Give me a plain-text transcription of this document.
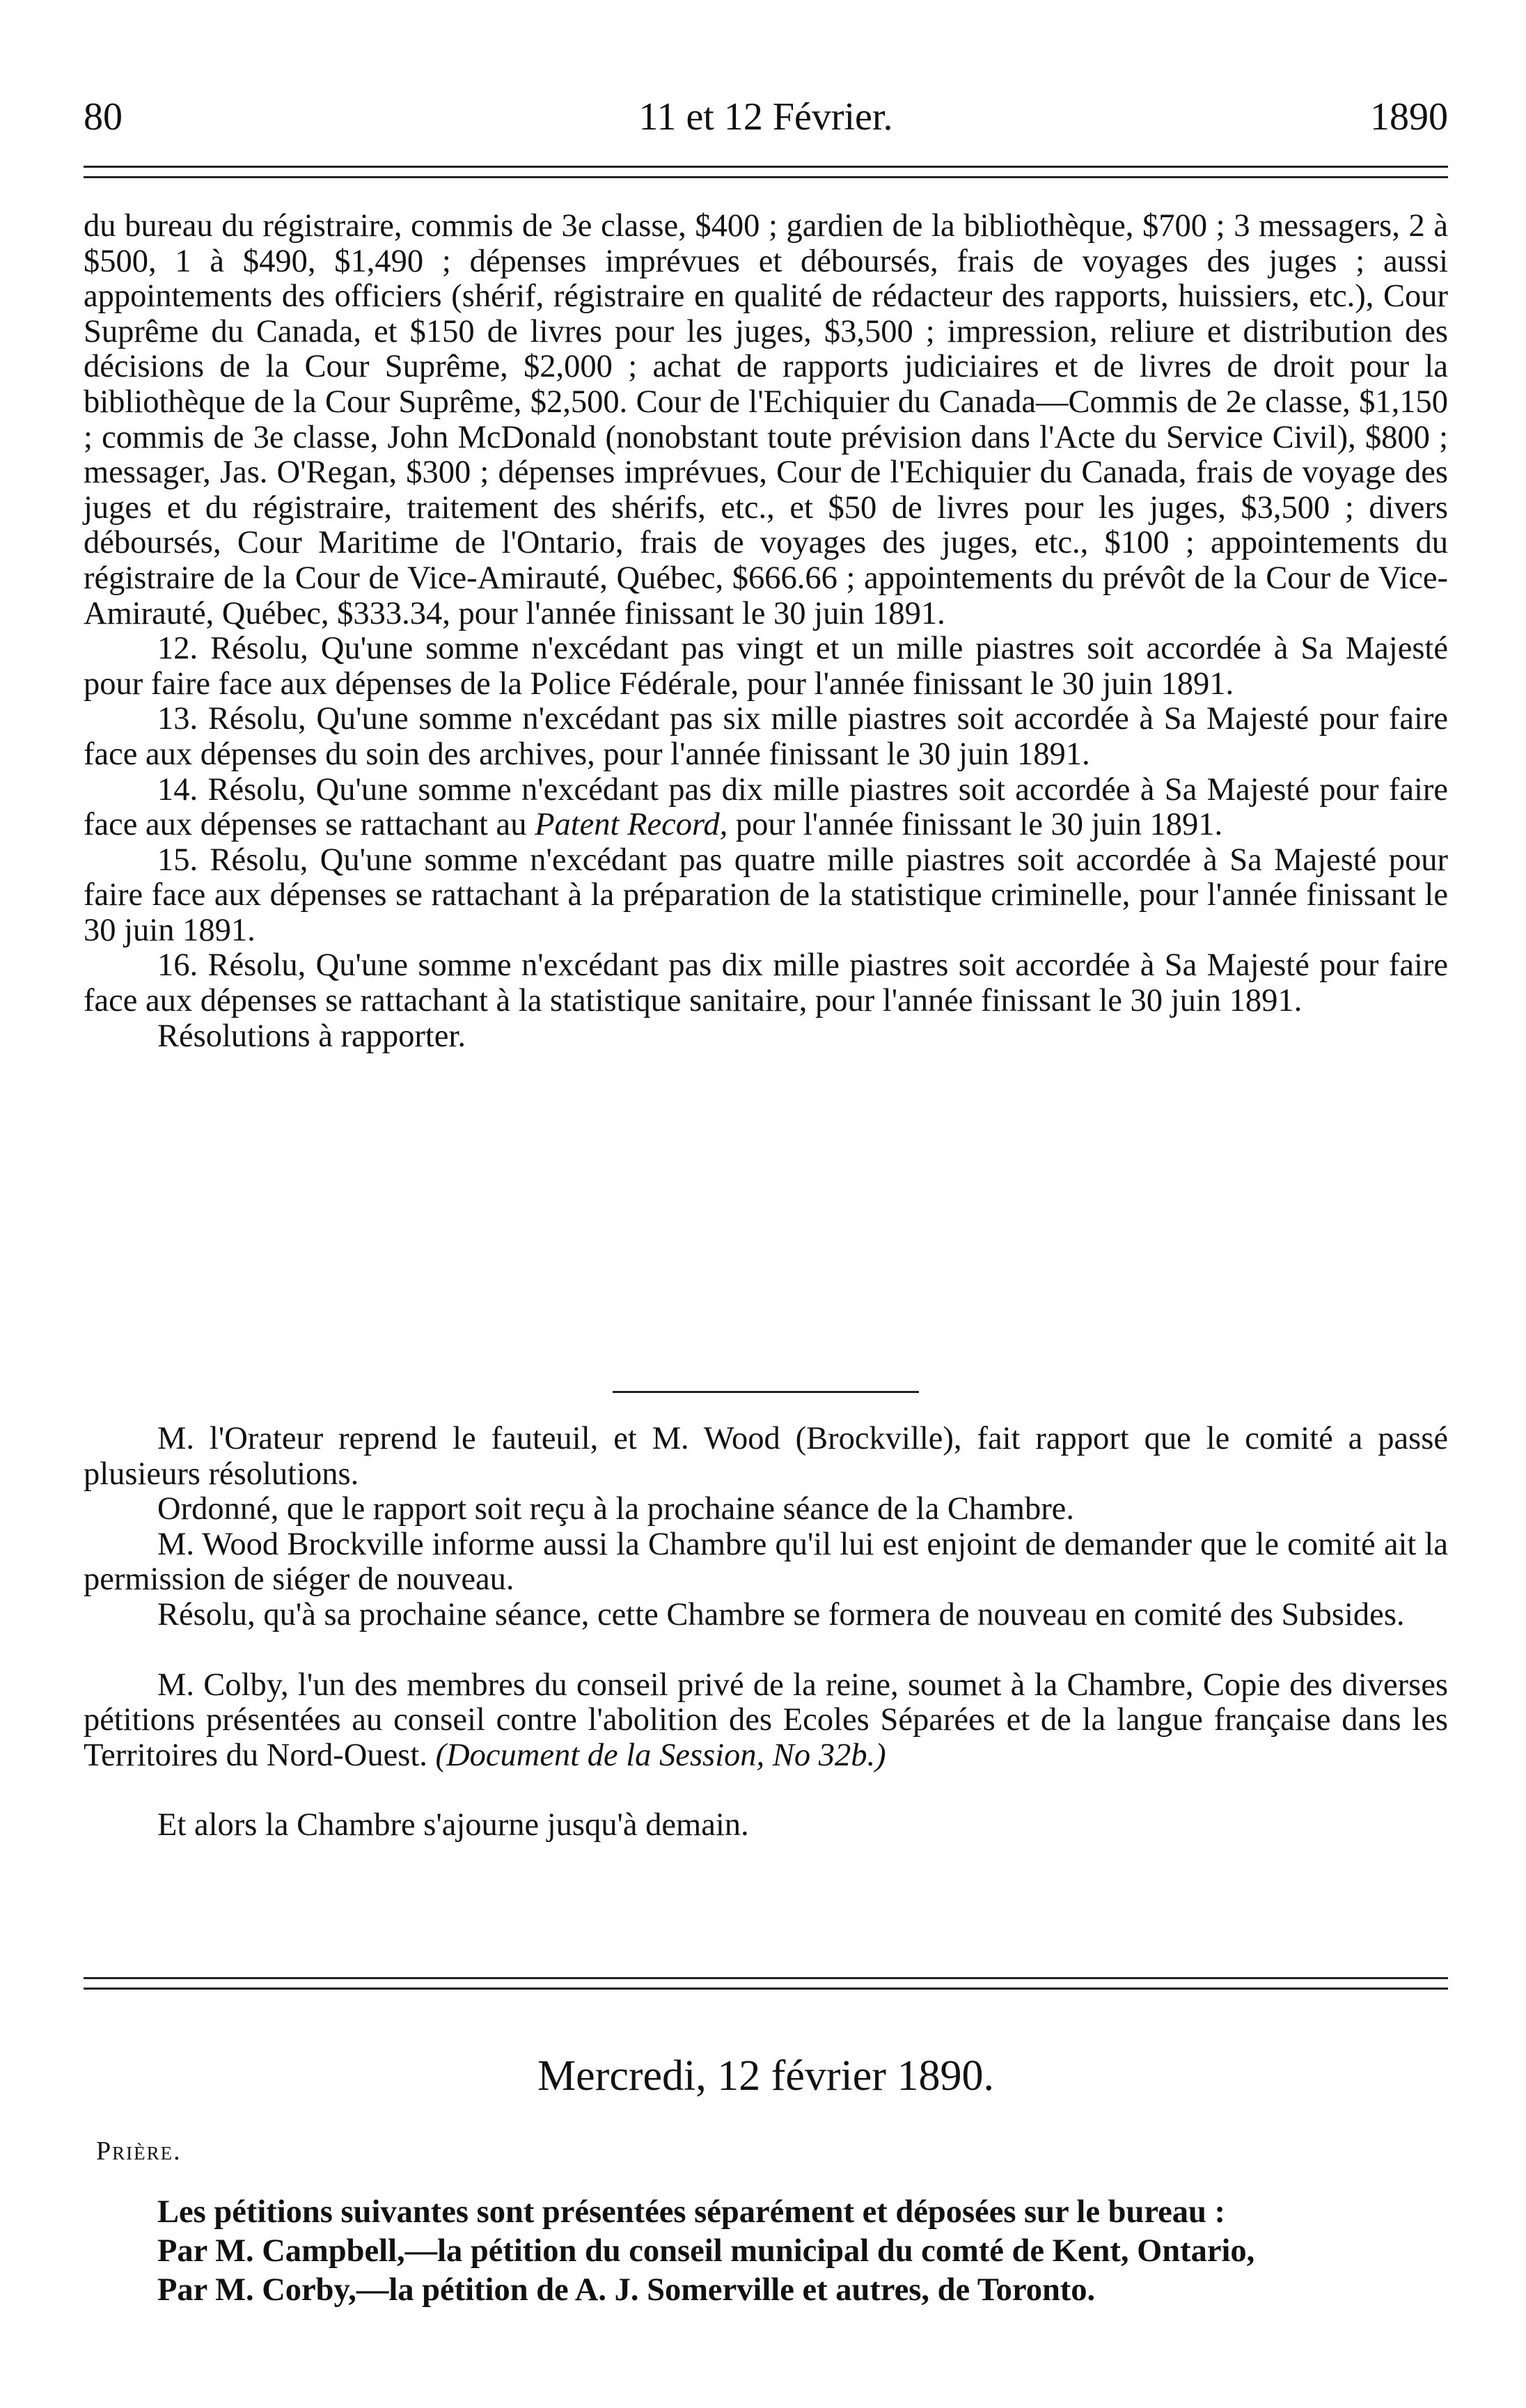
80	11 et 12 Février.	1890

du bureau du régistraire, commis de 3e classe, $400 ; gardien de la bibliothèque, $700 ; 3 messagers, 2 à $500, 1 à $490, $1,490 ; dépenses imprévues et déboursés, frais de voyages des juges ; aussi appointements des officiers (shérif, régistraire en qualité de rédacteur des rapports, huissiers, etc.), Cour Suprême du Canada, et $150 de livres pour les juges, $3,500 ; impression, reliure et distribution des décisions de la Cour Suprême, $2,000 ; achat de rapports judiciaires et de livres de droit pour la bibliothèque de la Cour Suprême, $2,500. Cour de l'Echiquier du Canada—Commis de 2e classe, $1,150 ; commis de 3e classe, John McDonald (nonobstant toute prévision dans l'Acte du Service Civil), $800 ; messager, Jas. O'Regan, $300 ; dépenses imprévues, Cour de l'Echiquier du Canada, frais de voyage des juges et du régistraire, traitement des shérifs, etc., et $50 de livres pour les juges, $3,500 ; divers déboursés, Cour Maritime de l'Ontario, frais de voyages des juges, etc., $100 ; appointements du régistraire de la Cour de Vice-Amirauté, Québec, $666.66 ; appointements du prévôt de la Cour de Vice-Amirauté, Québec, $333.34, pour l'année finissant le 30 juin 1891.

12. Résolu, Qu'une somme n'excédant pas vingt et un mille piastres soit accordée à Sa Majesté pour faire face aux dépenses de la Police Fédérale, pour l'année finissant le 30 juin 1891.

13. Résolu, Qu'une somme n'excédant pas six mille piastres soit accordée à Sa Majesté pour faire face aux dépenses du soin des archives, pour l'année finissant le 30 juin 1891.

14. Résolu, Qu'une somme n'excédant pas dix mille piastres soit accordée à Sa Majesté pour faire face aux dépenses se rattachant au Patent Record, pour l'année finissant le 30 juin 1891.

15. Résolu, Qu'une somme n'excédant pas quatre mille piastres soit accordée à Sa Majesté pour faire face aux dépenses se rattachant à la préparation de la statistique criminelle, pour l'année finissant le 30 juin 1891.

16. Résolu, Qu'une somme n'excédant pas dix mille piastres soit accordée à Sa Majesté pour faire face aux dépenses se rattachant à la statistique sanitaire, pour l'année finissant le 30 juin 1891.

Résolutions à rapporter.

M. l'Orateur reprend le fauteuil, et M. Wood (Brockville), fait rapport que le comité a passé plusieurs résolutions.

Ordonné, que le rapport soit reçu à la prochaine séance de la Chambre.

M. Wood Brockville informe aussi la Chambre qu'il lui est enjoint de demander que le comité ait la permission de siéger de nouveau.

Résolu, qu'à sa prochaine séance, cette Chambre se formera de nouveau en comité des Subsides.

M. Colby, l'un des membres du conseil privé de la reine, soumet à la Chambre, Copie des diverses pétitions présentées au conseil contre l'abolition des Ecoles Séparées et de la langue française dans les Territoires du Nord-Ouest. (Document de la Session, No 32b.)

Et alors la Chambre s'ajourne jusqu'à demain.

Mercredi, 12 février 1890.
Prière.

Les pétitions suivantes sont présentées séparément et déposées sur le bureau :

Par M. Campbell,—la pétition du conseil municipal du comté de Kent, Ontario,

Par M. Corby,—la pétition de A. J. Somerville et autres, de Toronto.
